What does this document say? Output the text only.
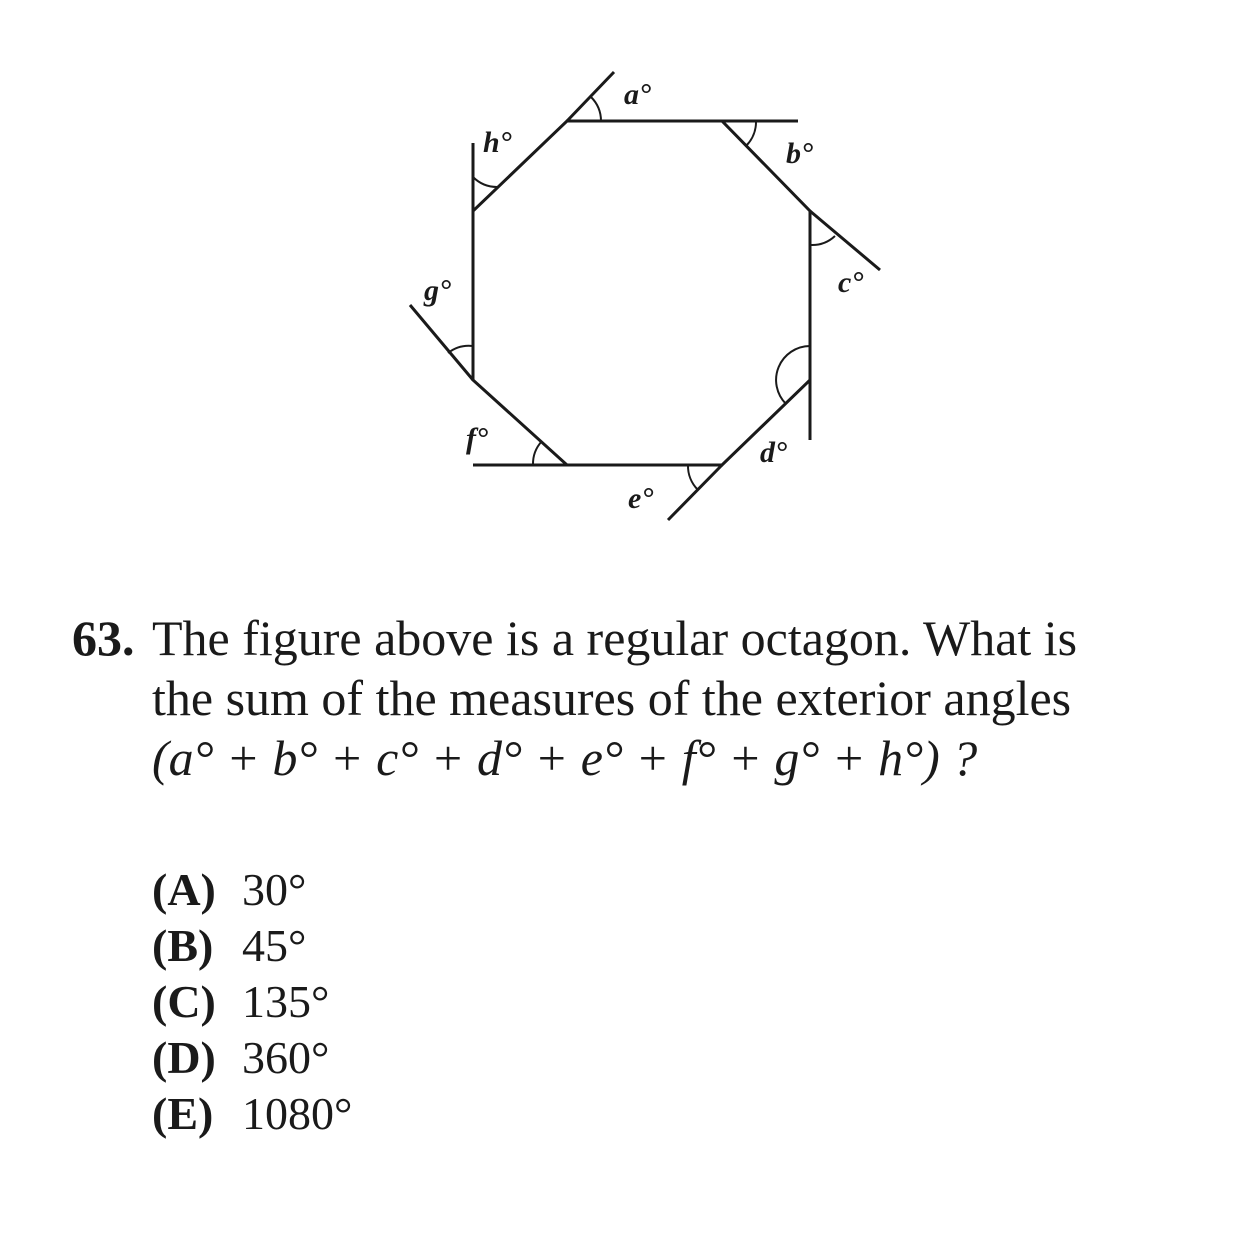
a°
b°
c°
d°
e°
f°
g°
h°
63. The figure above is a regular octagon. What is
the sum of the measures of the exterior angles
(a° + b° + c° + d° + e° + f° + g° + h°) ?
(A) 30°
(B) 45°
(C) 135°
(D) 360°
(E) 1080°
